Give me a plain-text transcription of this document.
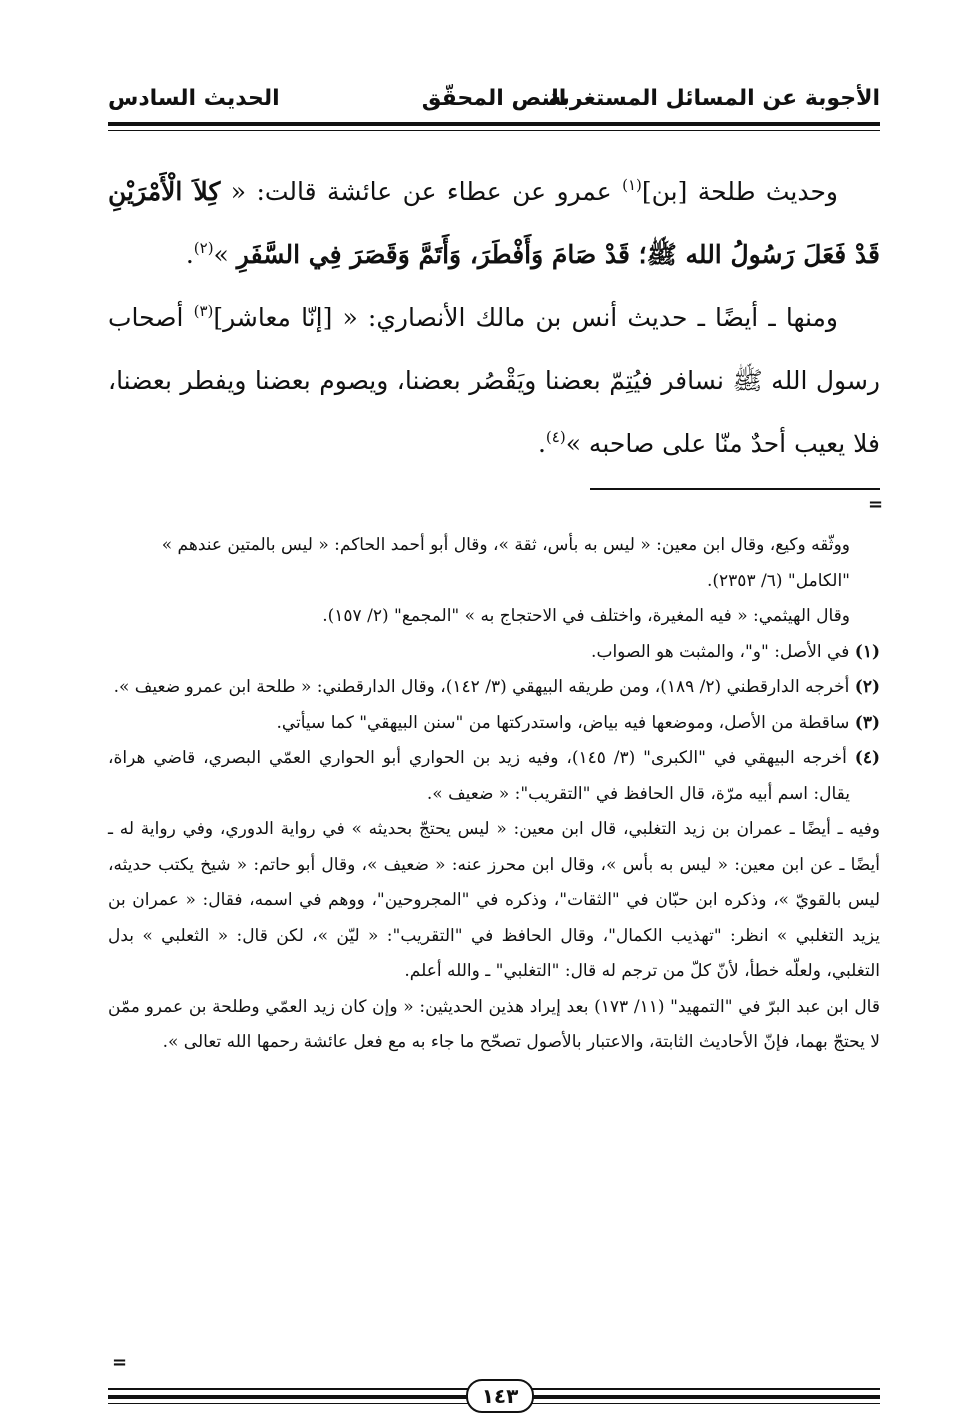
الأجوبة عن المسائل المستغربة
النص المحقّق
الحديث السادس

وحديث طلحة [بن]$^{(١)}$ عمرو عن عطاء عن عائشة قالت: « كِلاَ الْأَمْرَيْنِ قَدْ فَعَلَ رَسُولُ الله ﷺ؛ قَدْ صَامَ وَأَفْطَرَ، وَأَتَمَّ وَقَصَرَ فِي السَّفَرِ »$^{(٢)}$.

ومنها ـ أيضًا ـ حديث أنس بن مالك الأنصاري: « [إنّا معاشر]$^{(٣)}$ أصحاب رسول الله ﷺ نسافر فيُتِمّ بعضنا ويَقْصُر بعضنا، ويصوم بعضنا ويفطر بعضنا، فلا يعيب أحدٌ منّا على صاحبه »$^{(٤)}$.

=

ووثّقه وكيع، وقال ابن معين: « ليس به بأس، ثقة »، وقال أبو أحمد الحاكم: « ليس بالمتين عندهم »
"الكامل" (٦/ ٢٣٥٣).

وقال الهيثمي: « فيه المغيرة، واختلف في الاحتجاج به » "المجمع" (٢/ ١٥٧).

(١) في الأصل: "و"، والمثبت هو الصواب.

(٢) أخرجه الدارقطني (٢/ ١٨٩)، ومن طريقه البيهقي (٣/ ١٤٢)، وقال الدارقطني: « طلحة ابن عمرو ضعيف ».

(٣) ساقطة من الأصل، وموضعها فيه بياض، واستدركتها من "سنن البيهقي" كما سيأتي.

(٤) أخرجه البيهقي في "الكبرى" (٣/ ١٤٥)، وفيه زيد بن الحواري أبو الحواري العمّي البصري، قاضي هراة، يقال: اسم أبيه مرّة، قال الحافظ في "التقريب": « ضعيف ».

وفيه ـ أيضًا ـ عمران بن زيد التغلبي، قال ابن معين: « ليس يحتجّ بحديثه » في رواية الدوري، وفي رواية له ـ أيضًا ـ عن ابن معين: « ليس به بأس »، وقال ابن محرز عنه: « ضعيف »، وقال أبو حاتم: « شيخ يكتب حديثه، ليس بالقويّ »، وذكره ابن حبّان في "الثقات"، وذكره في "المجروحين"، ووهم في اسمه، فقال: « عمران بن يزيد التغلبي » انظر: "تهذيب الكمال"، وقال الحافظ في "التقريب": « ليّن »، لكن قال: « الثعلبي » بدل التغلبي، ولعلّه خطأ، لأنّ كلّ من ترجم له قال: "التغلبي" ـ والله أعلم.

قال ابن عبد البرّ في "التمهيد" (١١/ ١٧٣) بعد إيراد هذين الحديثين: « وإن كان زيد العمّي وطلحة بن عمرو ممّن لا يحتجّ بهما، فإنّ الأحاديث الثابتة، والاعتبار بالأصول تصحّح ما جاء به مع فعل عائشة رحمها الله تعالى ».

=
١٤٣
